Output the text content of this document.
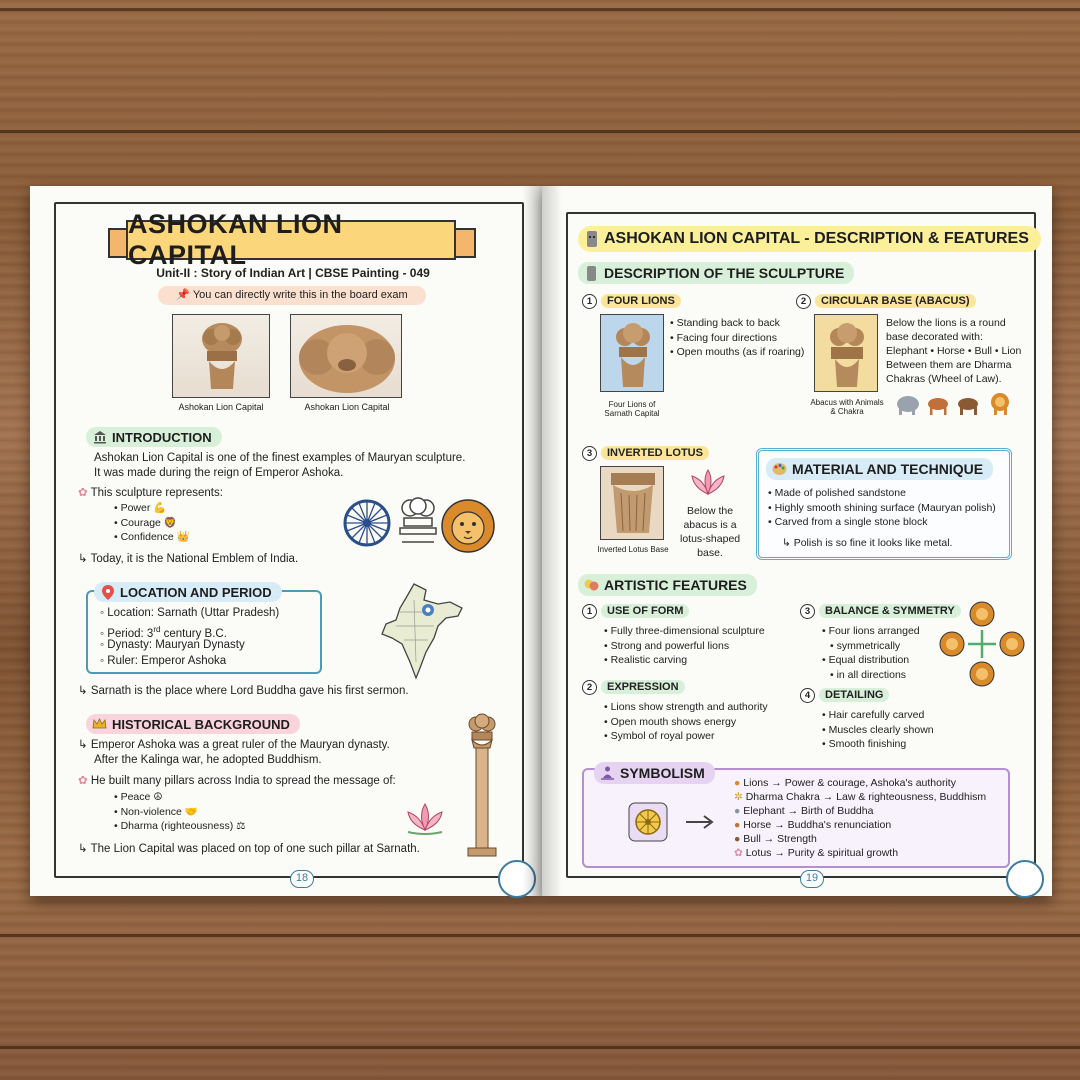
ASHOKAN LION CAPITAL
Unit-II : Story of Indian Art | CBSE Painting - 049
📌 You can directly write this in the board exam
Ashokan Lion Capital	Ashokan Lion Capital
INTRODUCTION
Ashokan Lion Capital is one of the finest examples of Mauryan sculpture.
It was made during the reign of Emperor Ashoka.
✿ This sculpture represents:
• Power 💪
• Courage 🦁
• Confidence 👑
↳ Today, it is the National Emblem of India.
LOCATION AND PERIOD
◦ Location: Sarnath (Uttar Pradesh)
◦ Period: 3rd century B.C.
◦ Dynasty: Mauryan Dynasty
◦ Ruler: Emperor Ashoka
↳ Sarnath is the place where Lord Buddha gave his first sermon.
HISTORICAL BACKGROUND
↳ Emperor Ashoka was a great ruler of the Mauryan dynasty.
After the Kalinga war, he adopted Buddhism.
✿ He built many pillars across India to spread the message of:
• Peace ☮
• Non-violence 🤝
• Dharma (righteousness) ⚖
↳ The Lion Capital was placed on top of one such pillar at Sarnath.
18
ASHOKAN LION CAPITAL - DESCRIPTION & FEATURES
DESCRIPTION OF THE SCULPTURE
1	FOUR LIONS
Four Lions of
Sarnath Capital
• Standing back to back
• Facing four directions
• Open mouths (as if roaring)
2	CIRCULAR BASE (ABACUS)
Abacus with Animals
& Chakra
Below the lions is a round
base decorated with:
Elephant • Horse • Bull • Lion
Between them are Dharma
Chakras (Wheel of Law).
3	INVERTED LOTUS
Inverted Lotus Base
Below the
abacus is a
lotus-shaped
base.
MATERIAL AND TECHNIQUE
• Made of polished sandstone
• Highly smooth shining surface (Mauryan polish)
• Carved from a single stone block
↳ Polish is so fine it looks like metal.
ARTISTIC FEATURES
1	USE OF FORM
• Fully three-dimensional sculpture
• Strong and powerful lions
• Realistic carving
2	EXPRESSION
• Lions show strength and authority
• Open mouth shows energy
• Symbol of royal power
3	BALANCE & SYMMETRY
• Four lions arranged
• symmetrically
• Equal distribution
• in all directions
4	DETAILING
• Hair carefully carved
• Muscles clearly shown
• Smooth finishing
SYMBOLISM
● Lions → Power & courage, Ashoka's authority
✲ Dharma Chakra → Law & righteousness, Buddhism
● Elephant → Birth of Buddha
● Horse → Buddha's renunciation
● Bull → Strength
✿ Lotus → Purity & spiritual growth
19
